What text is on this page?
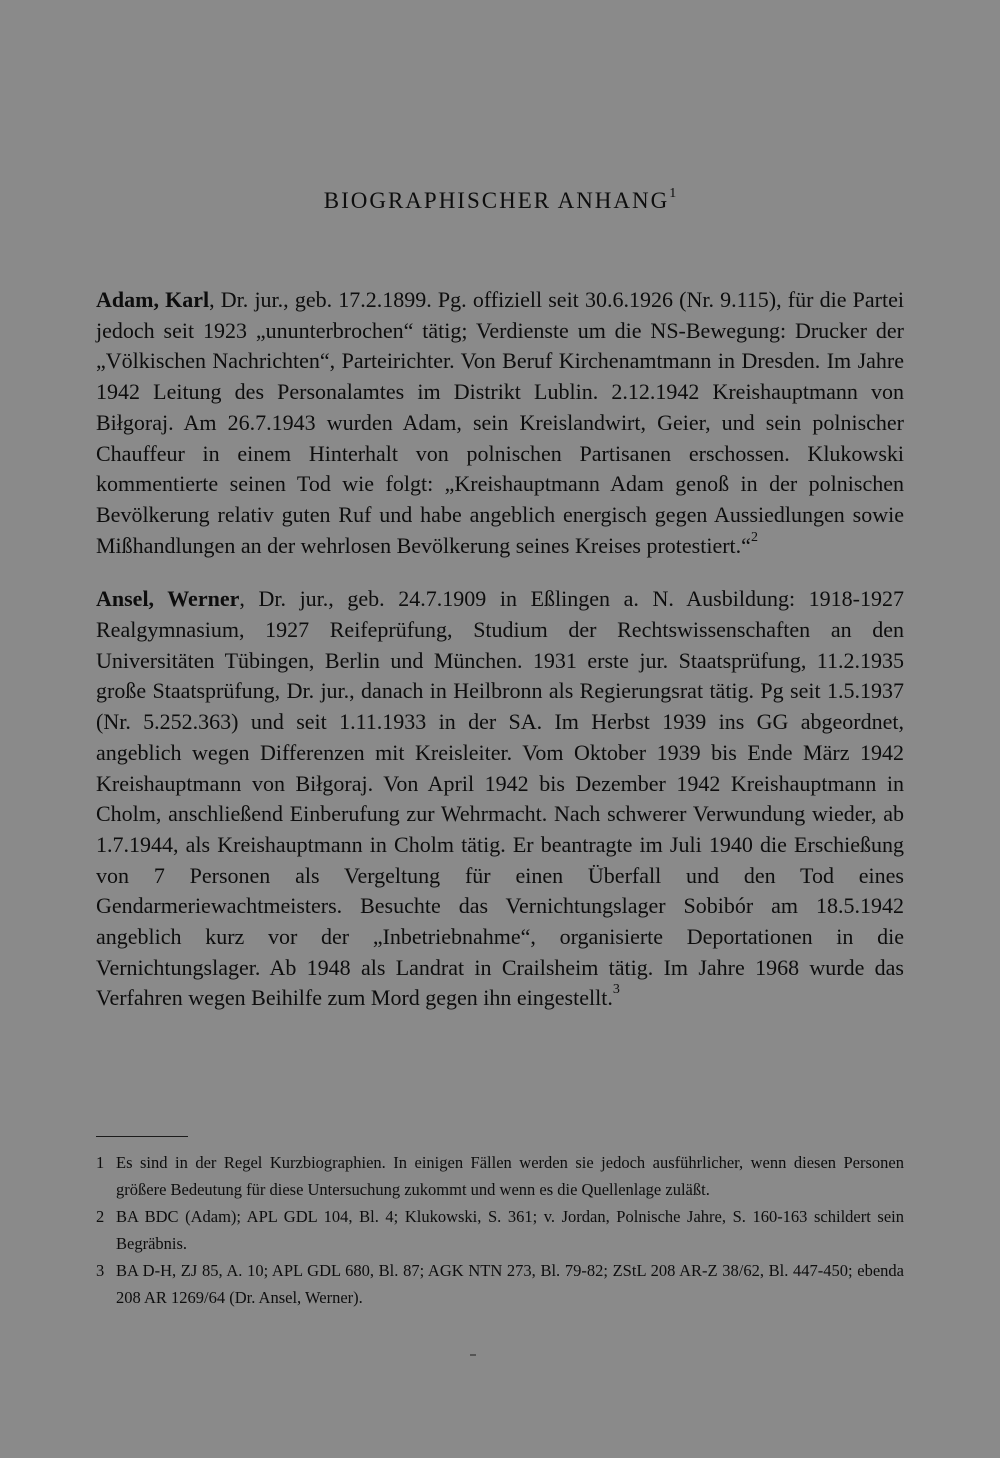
BIOGRAPHISCHER ANHANG$^1$

Adam, Karl, Dr. jur., geb. 17.2.1899. Pg. offiziell seit 30.6.1926 (Nr. 9.115), für die Partei jedoch seit 1923 „ununterbrochen“ tätig; Verdienste um die NS-Bewegung: Drucker der „Völkischen Nachrichten“, Parteirichter. Von Beruf Kirchenamtmann in Dresden. Im Jahre 1942 Leitung des Personalamtes im Distrikt Lublin. 2.12.1942 Kreishauptmann von Biłgoraj. Am 26.7.1943 wurden Adam, sein Kreislandwirt, Geier, und sein polnischer Chauffeur in einem Hinterhalt von polnischen Partisanen erschossen. Klukowski kommentierte seinen Tod wie folgt: „Kreishauptmann Adam genoß in der polnischen Bevölkerung relativ guten Ruf und habe angeblich energisch gegen Aussiedlungen sowie Mißhandlungen an der wehrlosen Bevölkerung seines Kreises protestiert.“$^2$

Ansel, Werner, Dr. jur., geb. 24.7.1909 in Eßlingen a. N. Ausbildung: 1918-1927 Realgymnasium, 1927 Reifeprüfung, Studium der Rechtswissenschaften an den Universitäten Tübingen, Berlin und München. 1931 erste jur. Staatsprüfung, 11.2.1935 große Staatsprüfung, Dr. jur., danach in Heilbronn als Regierungsrat tätig. Pg seit 1.5.1937 (Nr. 5.252.363) und seit 1.11.1933 in der SA. Im Herbst 1939 ins GG abgeordnet, angeblich wegen Differenzen mit Kreisleiter. Vom Oktober 1939 bis Ende März 1942 Kreishauptmann von Biłgoraj. Von April 1942 bis Dezember 1942 Kreishauptmann in Cholm, anschließend Einberufung zur Wehrmacht. Nach schwerer Verwundung wieder, ab 1.7.1944, als Kreishauptmann in Cholm tätig. Er beantragte im Juli 1940 die Erschießung von 7 Personen als Vergeltung für einen Überfall und den Tod eines Gendarmeriewachtmeisters. Besuchte das Vernichtungslager Sobibór am 18.5.1942 angeblich kurz vor der „Inbetriebnahme“, organisierte Deportationen in die Vernichtungslager. Ab 1948 als Landrat in Crailsheim tätig. Im Jahre 1968 wurde das Verfahren wegen Beihilfe zum Mord gegen ihn eingestellt.$^3$

1 Es sind in der Regel Kurzbiographien. In einigen Fällen werden sie jedoch ausführlicher, wenn diesen Personen größere Bedeutung für diese Untersuchung zukommt und wenn es die Quellenlage zuläßt.
2 BA BDC (Adam); APL GDL 104, Bl. 4; Klukowski, S. 361; v. Jordan, Polnische Jahre, S. 160-163 schildert sein Begräbnis.
3 BA D-H, ZJ 85, A. 10; APL GDL 680, Bl. 87; AGK NTN 273, Bl. 79-82; ZStL 208 AR-Z 38/62, Bl. 447-450; ebenda 208 AR 1269/64 (Dr. Ansel, Werner).
